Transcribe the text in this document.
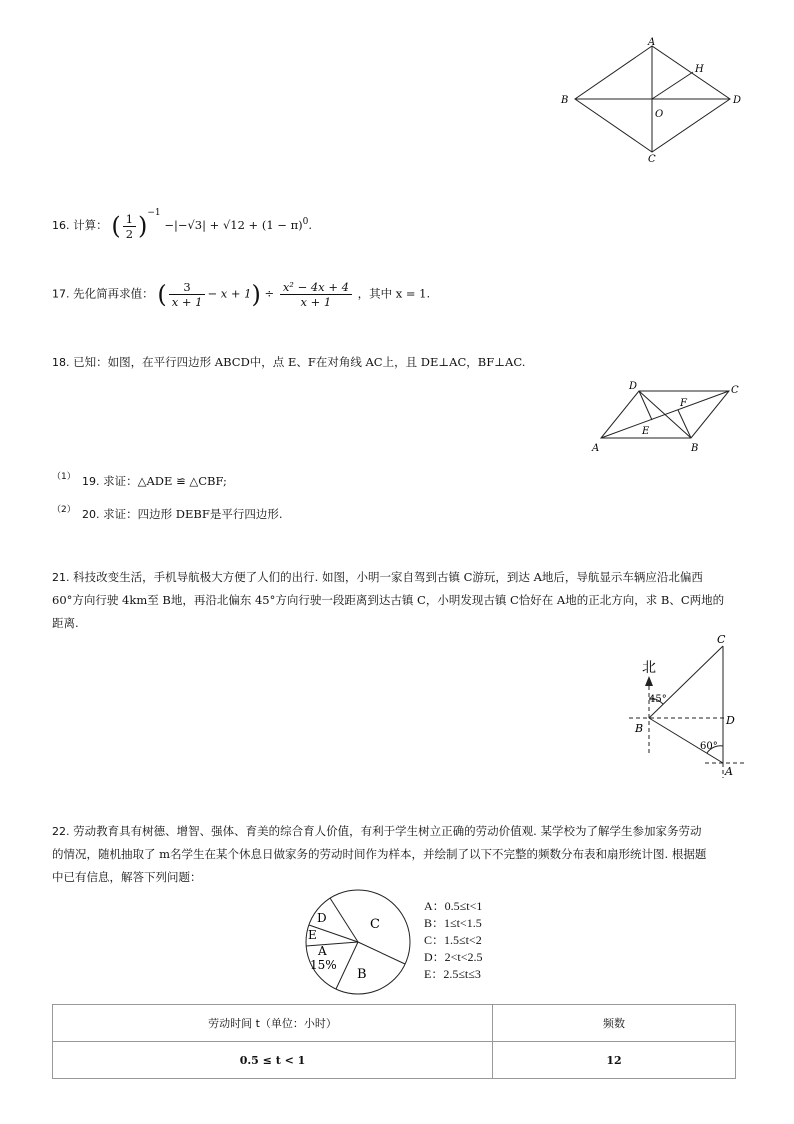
A
B
C
D
H
O
16. 计算： ( $\frac{1}{2} )^{-1} -|-√3| + √12 + (1 - \pi)^0$.
17. 先化简再求值： ( $\frac{3}{x + 1} - x + 1) \div \frac{\text{x² − 4x + 4}}{x + 1}$ ，其中 x = 1.
18. 已知：如图，在平行四边形 ABCD中，点 E、F在对角线 AC上，且 DE⊥AC，BF⊥AC.
D	C
F
E
A	B
（1） 19. 求证：△ADE ≌ △CBF;
（2） 20. 求证：四边形 DEBF是平行四边形.
21. 科技改变生活，手机导航极大方便了人们的出行. 如图，小明一家自驾到古镇 C游玩，到达 A地后，导航显示车辆应沿北偏西
60°方向行驶 4km至 B地，再沿北偏东 45°方向行驶一段距离到达古镇 C，小明发现古镇 C恰好在 A地的正北方向，求 B、C两地的
距离.
北
45°
60°
C
B
D
A
22. 劳动教育具有树德、增智、强体、育美的综合育人价值，有利于学生树立正确的劳动价值观. 某学校为了解学生参加家务劳动
的情况，随机抽取了 m名学生在某个休息日做家务的劳动时间作为样本，并绘制了以下不完整的频数分布表和扇形统计图. 根据题
中已有信息，解答下列问题：
C
B
A
15%
D
E
A：0.5≤t<1
B：1≤t<1.5
C：1.5≤t<2
D：2<t<2.5
E：2.5≤t≤3
劳动时间 t（单位：小时）	频数
0.5 ≤ t < 1	12
